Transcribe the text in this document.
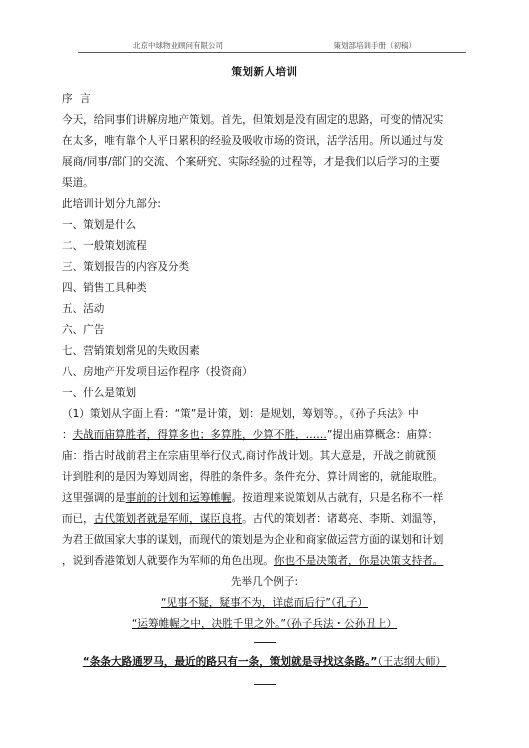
北京中球物业顾问有限公司	策划部培训手册（初稿）
策划新人培训
序 言
今天，给同事们讲解房地产策划。首先，但策划是没有固定的思路，可变的情况实
在太多，唯有靠个人平日累积的经验及吸收市场的资讯，活学活用。所以通过与发
展商/同事/部门的交流、个案研究、实际经验的过程等，才是我们以后学习的主要
渠道。
此培训计划分九部分:
一、策划是什么
二、一般策划流程
三、策划报告的内容及分类
四、销售工具种类
五、活动
六、广告
七、营销策划常见的失败因素
八、房地产开发项目运作程序（投资商）
一、什么是策划
（1）策划从字面上看：“策”是计策，划：是规划，筹划等。，《孙子兵法》中
：夫战而庙算胜者，得算多也；多算胜，少算不胜，……”提出庙算概念：庙算：
庙：指古时战前君主在宗庙里举行仪式,商讨作战计划。其大意是，开战之前就预
计到胜利的是因为筹划周密，得胜的条件多。条件充分、算计周密的，就能取胜。
这里强调的是事前的计划和运筹帷幄。按道理来说策划从古就有，只是名称不一样
而已，古代策划者就是军师，谋臣良将。古代的策划者：诸葛亮、李斯、刘温等，
为君王做国家大事的谋划，而现代的策划是为企业和商家做运营方面的谋划和计划
，说到香港策划人就要作为军师的角色出现。你也不是决策者，你是决策支持者。
先举几个例子:
“见事不疑，疑事不为，详虑而后行”（孔子）
“运筹帷幄之中，决胜千里之外。”（孙子兵法・公孙丑上）
“条条大路通罗马，最近的路只有一条，策划就是寻找这条路。”（王志纲大师）
